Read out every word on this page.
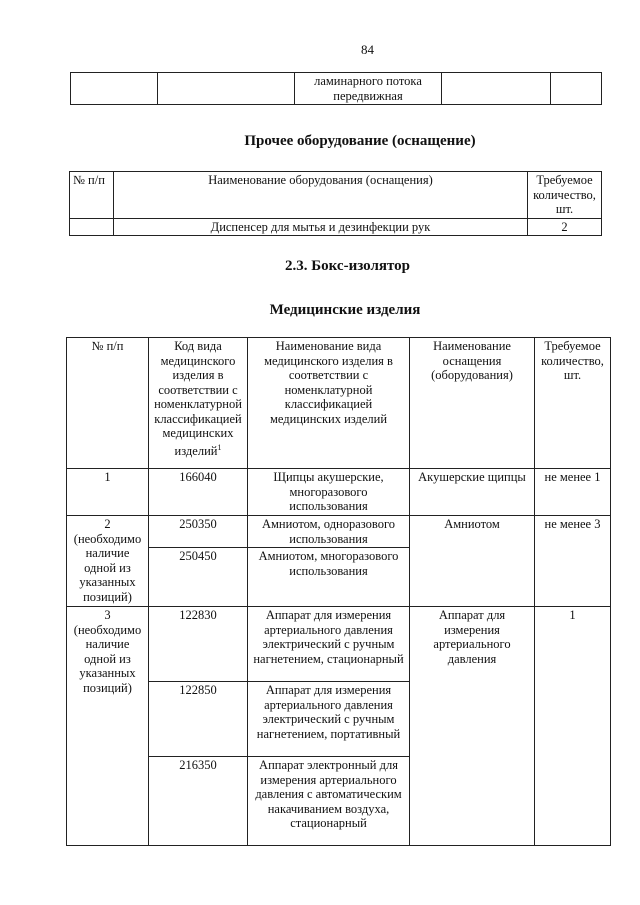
84
		ламинарного потока передвижная		
Прочее оборудование (оснащение)
№ п/п	Наименование оборудования (оснащения)	Требуемое количество, шт.
	Диспенсер для мытья и дезинфекции рук	2
2.3. Бокс-изолятор
Медицинские изделия
№ п/п	Код вида медицинского изделия в соответствии с номенклатурной классификацией медицинских изделий$^1$	Наименование вида медицинского изделия в соответствии с номенклатурной классификацией медицинских изделий	Наименование оснащения (оборудования)	Требуемое количество, шт.
1	166040	Щипцы акушерские, многоразового использования	Акушерские щипцы	не менее 1
2 (необходимо наличие одной из указанных позиций)	250350	Амниотом, одноразового использования	Амниотом	не менее 3
	250450	Амниотом, многоразового использования		
3 (необходимо наличие одной из указанных позиций)	122830	Аппарат для измерения артериального давления электрический с ручным нагнетением, стационарный	Аппарат для измерения артериального давления	1
	122850	Аппарат для измерения артериального давления электрический с ручным нагнетением, портативный		
	216350	Аппарат электронный для измерения артериального давления с автоматическим накачиванием воздуха, стационарный		
